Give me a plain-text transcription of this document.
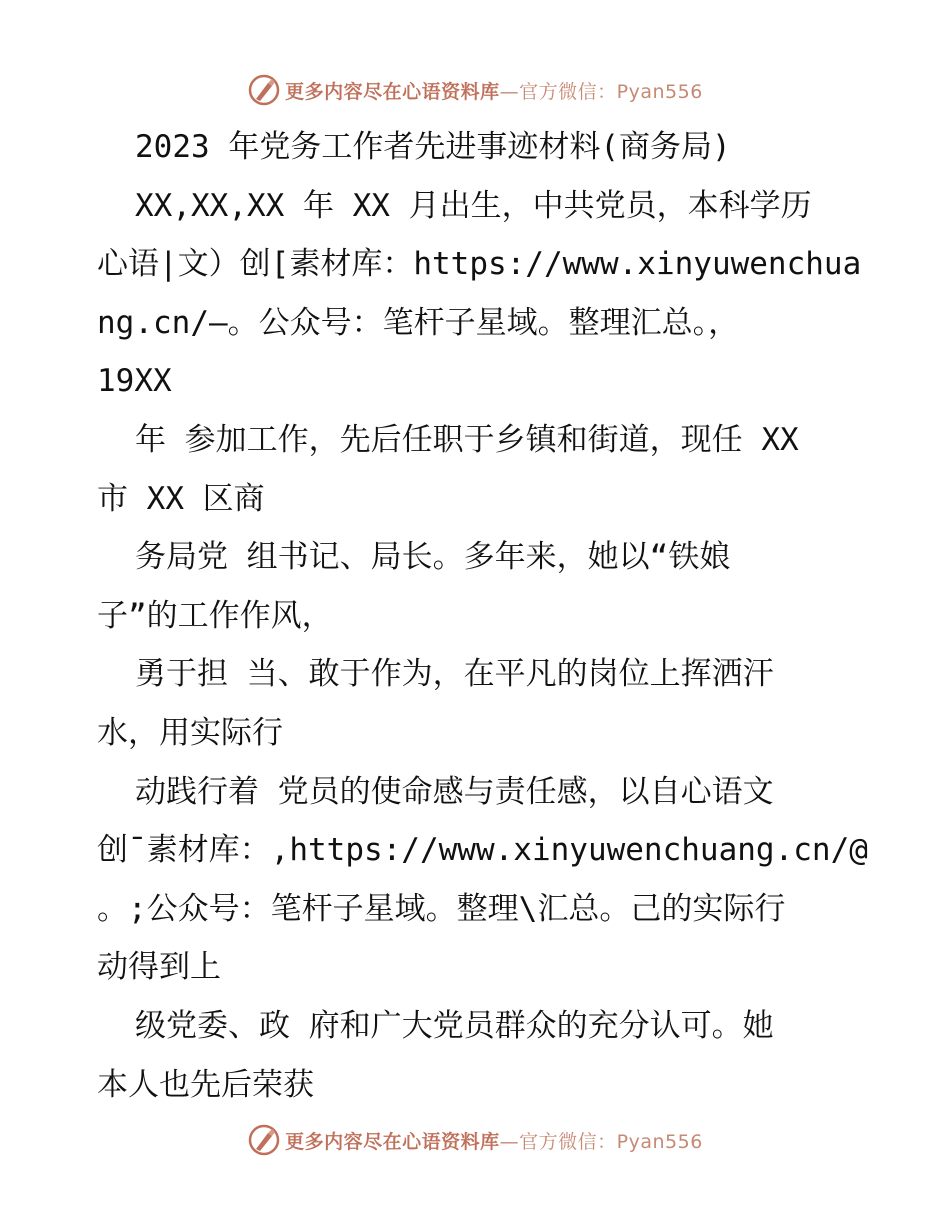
更多内容尽在心语资料库 —官方微信：Pyan556
2023 年党务工作者先进事迹材料(商务局)
XX,XX,XX 年 XX 月出生，中共党员，本科学历
心语|文）创[素材库：https://www.xinyuwenchua
ng.cn/—。公众号：笔杆子星域。整理汇总。，
19XX
年 参加工作，先后任职于乡镇和街道，现任 XX
市 XX 区商
务局党 组书记、局长。多年来，她以“铁娘
子”的工作作风，
勇于担 当、敢于作为，在平凡的岗位上挥洒汗
水，用实际行
动践行着 党员的使命感与责任感，以自心语文
创¯素材库：,https://www.xinyuwenchuang.cn/@
。;公众号：笔杆子星域。整理\汇总。己的实际行
动得到上
级党委、政 府和广大党员群众的充分认可。她
本人也先后荣获
更多内容尽在心语资料库 —官方微信：Pyan556
